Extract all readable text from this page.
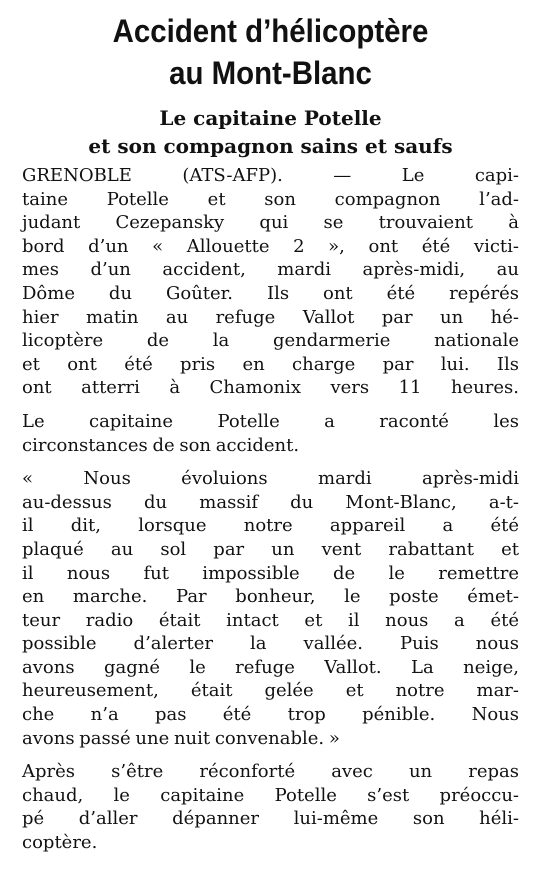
Accident d’hélicoptère
au Mont-Blanc
Le capitaine Potelle
et son compagnon sains et saufs

GRENOBLE (ATS-AFP). — Le capi-
taine Potelle et son compagnon l’ad-
judant Cezepansky qui se trouvaient à
bord d’un « Allouette 2 », ont été victi-
mes d’un accident, mardi après-midi, au
Dôme du Goûter. Ils ont été repérés
hier matin au refuge Vallot par un hé-
licoptère de la gendarmerie nationale
et ont été pris en charge par lui. Ils
ont atterri à Chamonix vers 11 heures.

Le capitaine Potelle a raconté les
circonstances de son accident.

« Nous évoluions mardi après-midi
au-dessus du massif du Mont-Blanc, a-t-
il dit, lorsque notre appareil a été
plaqué au sol par un vent rabattant et
il nous fut impossible de le remettre
en marche. Par bonheur, le poste émet-
teur radio était intact et il nous a été
possible d’alerter la vallée. Puis nous
avons gagné le refuge Vallot. La neige,
heureusement, était gelée et notre mar-
che n’a pas été trop pénible. Nous
avons passé une nuit convenable. »

Après s’être réconforté avec un repas
chaud, le capitaine Potelle s’est préoccu-
pé d’aller dépanner lui-même son héli-
coptère.
